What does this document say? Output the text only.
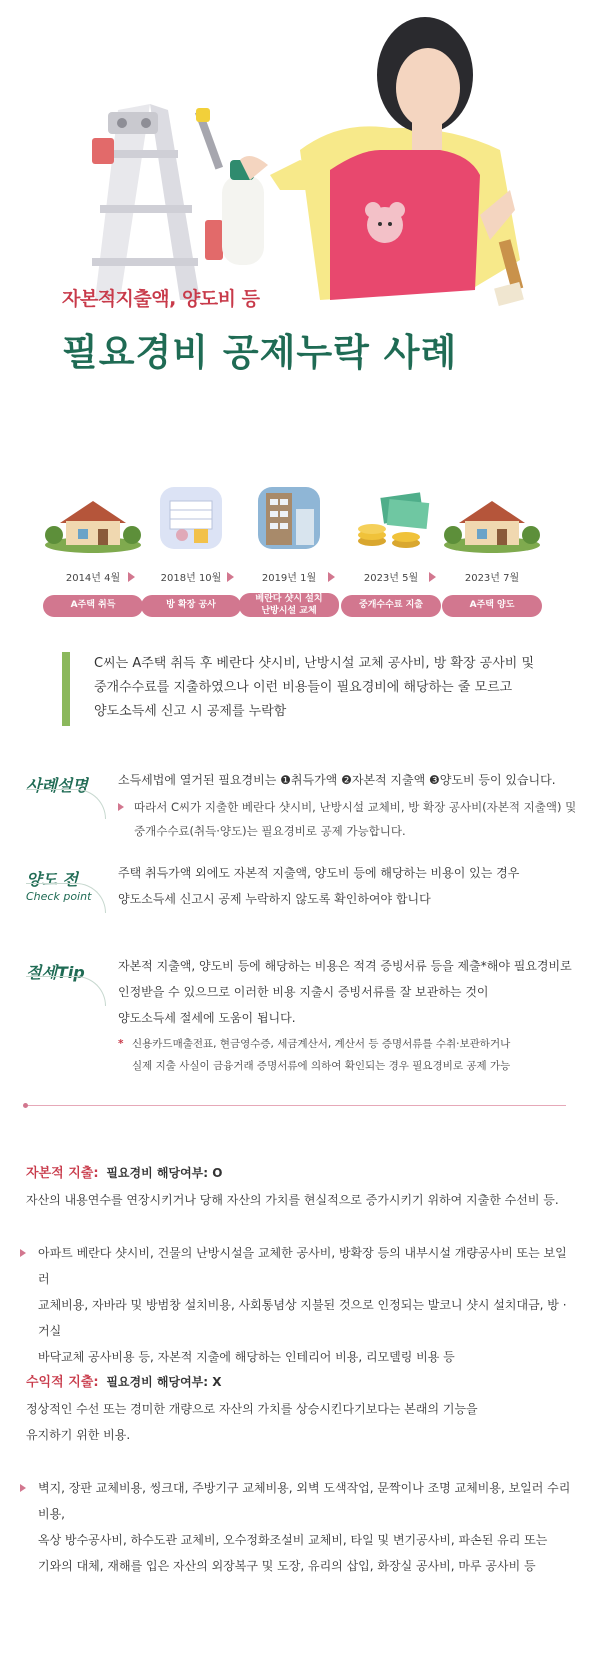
자본적지출액, 양도비 등
필요경비 공제누락 사례
2014년 4월
A주택 취득
2018년 10월
방 확장 공사
2019년 1월
베란다 샷시 설치
난방시설 교체
2023년 5월
중개수수료 지출
2023년 7월
A주택 양도

C씨는 A주택 취득 후 베란다 샷시비, 난방시설 교체 공사비, 방 확장 공사비 및

중개수수료를 지출하였으나 이런 비용들이 필요경비에 해당하는 줄 모르고

양도소득세 신고 시 공제를 누락함

사례설명	소득세법에 열거된 필요경비는 ❶취득가액 ❷자본적 지출액 ❸양도비 등이 있습니다.
따라서 C씨가 지출한 베란다 샷시비, 난방시설 교체비, 방 확장 공사비(자본적 지출액) 및
중개수수료(취득·양도)는 필요경비로 공제 가능합니다.
양도 전
Check point
주택 취득가액 외에도 자본적 지출액, 양도비 등에 해당하는 비용이 있는 경우
양도소득세 신고시 공제 누락하지 않도록 확인하여야 합니다
절세Tip	자본적 지출액, 양도비 등에 해당하는 비용은 적격 증빙서류 등을 제출*해야 필요경비로
인정받을 수 있으므로 이러한 비용 지출시 증빙서류를 잘 보관하는 것이
양도소득세 절세에 도움이 됩니다.
* 신용카드매출전표, 현금영수증, 세금계산서, 계산서 등 증명서류를 수취·보관하거나
실제 지출 사실이 금융거래 증명서류에 의하여 확인되는 경우 필요경비로 공제 가능
자본적 지출: 필요경비 해당여부: O
자산의 내용연수를 연장시키거나 당해 자산의 가치를 현실적으로 증가시키기 위하여 지출한 수선비 등.
아파트 베란다 샷시비, 건물의 난방시설을 교체한 공사비, 방확장 등의 내부시설 개량공사비 또는 보일러
교체비용, 자바라 및 방범창 설치비용, 사회통념상 지불된 것으로 인정되는 발코니 샷시 설치대금, 방 · 거실
바닥교체 공사비용 등, 자본적 지출에 해당하는 인테리어 비용, 리모델링 비용 등
수익적 지출: 필요경비 해당여부: X
정상적인 수선 또는 경미한 개량으로 자산의 가치를 상승시킨다기보다는 본래의 기능을
유지하기 위한 비용.
벽지, 장판 교체비용, 씽크대, 주방기구 교체비용, 외벽 도색작업, 문짝이나 조명 교체비용, 보일러 수리비용,
옥상 방수공사비, 하수도관 교체비, 오수정화조설비 교체비, 타일 및 변기공사비, 파손된 유리 또는
기와의 대체, 재해를 입은 자산의 외장복구 및 도장, 유리의 삽입, 화장실 공사비, 마루 공사비 등
